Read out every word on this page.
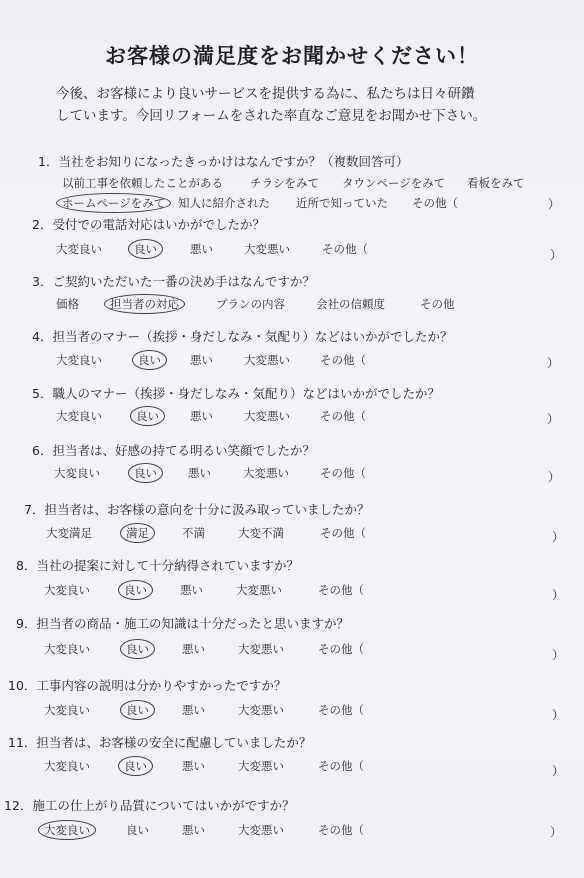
お客様の満足度をお聞かせください！
今後、お客様により良いサービスを提供する為に、私たちは日々研鑽
しています。今回リフォームをされた率直なご意見をお聞かせ下さい。
1．当社をお知りになったきっかけはなんですか？（複数回答可）
以前工事を依頼したことがある チラシをみて タウンページをみて 看板をみて
ホームページをみて 知人に紹介された 近所で知っていた その他（	）
2．受付での電話対応はいかがでしたか？
大変良い	良い	悪い	大変悪い	その他（	）
3．ご契約いただいた一番の決め手はなんですか？
価格	担当者の対応	プランの内容	会社の信頼度	その他
4．担当者のマナー（挨拶・身だしなみ・気配り）などはいかがでしたか？
大変良い	良い	悪い	大変悪い	その他（	）
5．職人のマナー（挨拶・身だしなみ・気配り）などはいかがでしたか？
大変良い	良い	悪い	大変悪い	その他（	）
6．担当者は、好感の持てる明るい笑顔でしたか？
大変良い	良い	悪い	大変悪い	その他（	）
7．担当者は、お客様の意向を十分に汲み取っていましたか？
大変満足	満足	不満	大変不満	その他（	）
8．当社の提案に対して十分納得されていますか？
大変良い	良い	悪い	大変悪い	その他（	）
9．担当者の商品・施工の知識は十分だったと思いますか？
大変良い	良い	悪い	大変悪い	その他（	）
10．工事内容の説明は分かりやすかったですか？
大変良い	良い	悪い	大変悪い	その他（	）
11．担当者は、お客様の安全に配慮していましたか？
大変良い	良い	悪い	大変悪い	その他（	）
12．施工の仕上がり品質についてはいかがですか？
大変良い	良い	悪い	大変悪い	その他（	）
